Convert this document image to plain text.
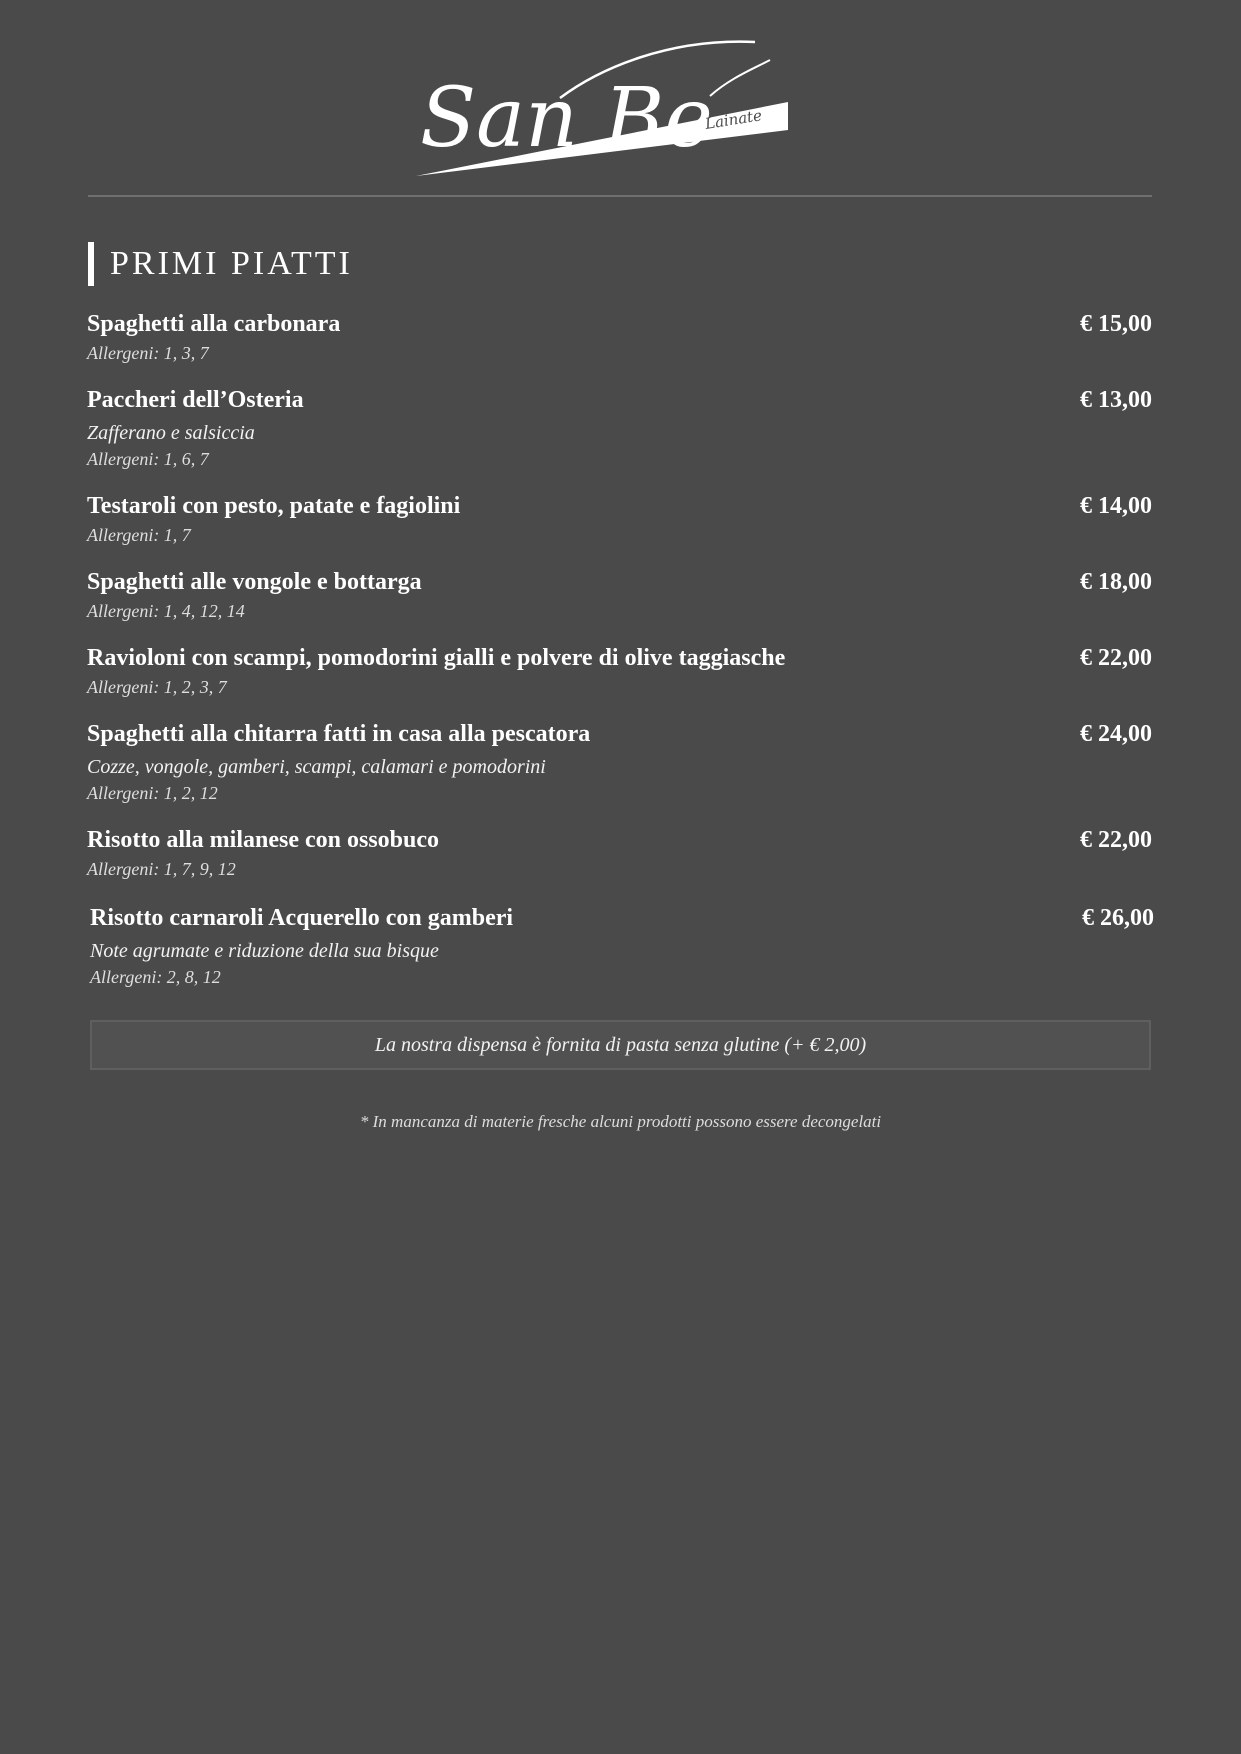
San Be
Lainate
PRIMI PIATTI
Spaghetti alla carbonara	€ 15,00
Allergeni: 1, 3, 7
Paccheri dell’Osteria	€ 13,00
Zafferano e salsiccia
Allergeni: 1, 6, 7
Testaroli con pesto, patate e fagiolini	€ 14,00
Allergeni: 1, 7
Spaghetti alle vongole e bottarga	€ 18,00
Allergeni: 1, 4, 12, 14
Ravioloni con scampi, pomodorini gialli e polvere di olive taggiasche	€ 22,00
Allergeni: 1, 2, 3, 7
Spaghetti alla chitarra fatti in casa alla pescatora	€ 24,00
Cozze, vongole, gamberi, scampi, calamari e pomodorini
Allergeni: 1, 2, 12
Risotto alla milanese con ossobuco	€ 22,00
Allergeni: 1, 7, 9, 12
Risotto carnaroli Acquerello con gamberi	€ 26,00
Note agrumate e riduzione della sua bisque
Allergeni: 2, 8, 12
La nostra dispensa è fornita di pasta senza glutine (+ € 2,00)
* In mancanza di materie fresche alcuni prodotti possono essere decongelati
